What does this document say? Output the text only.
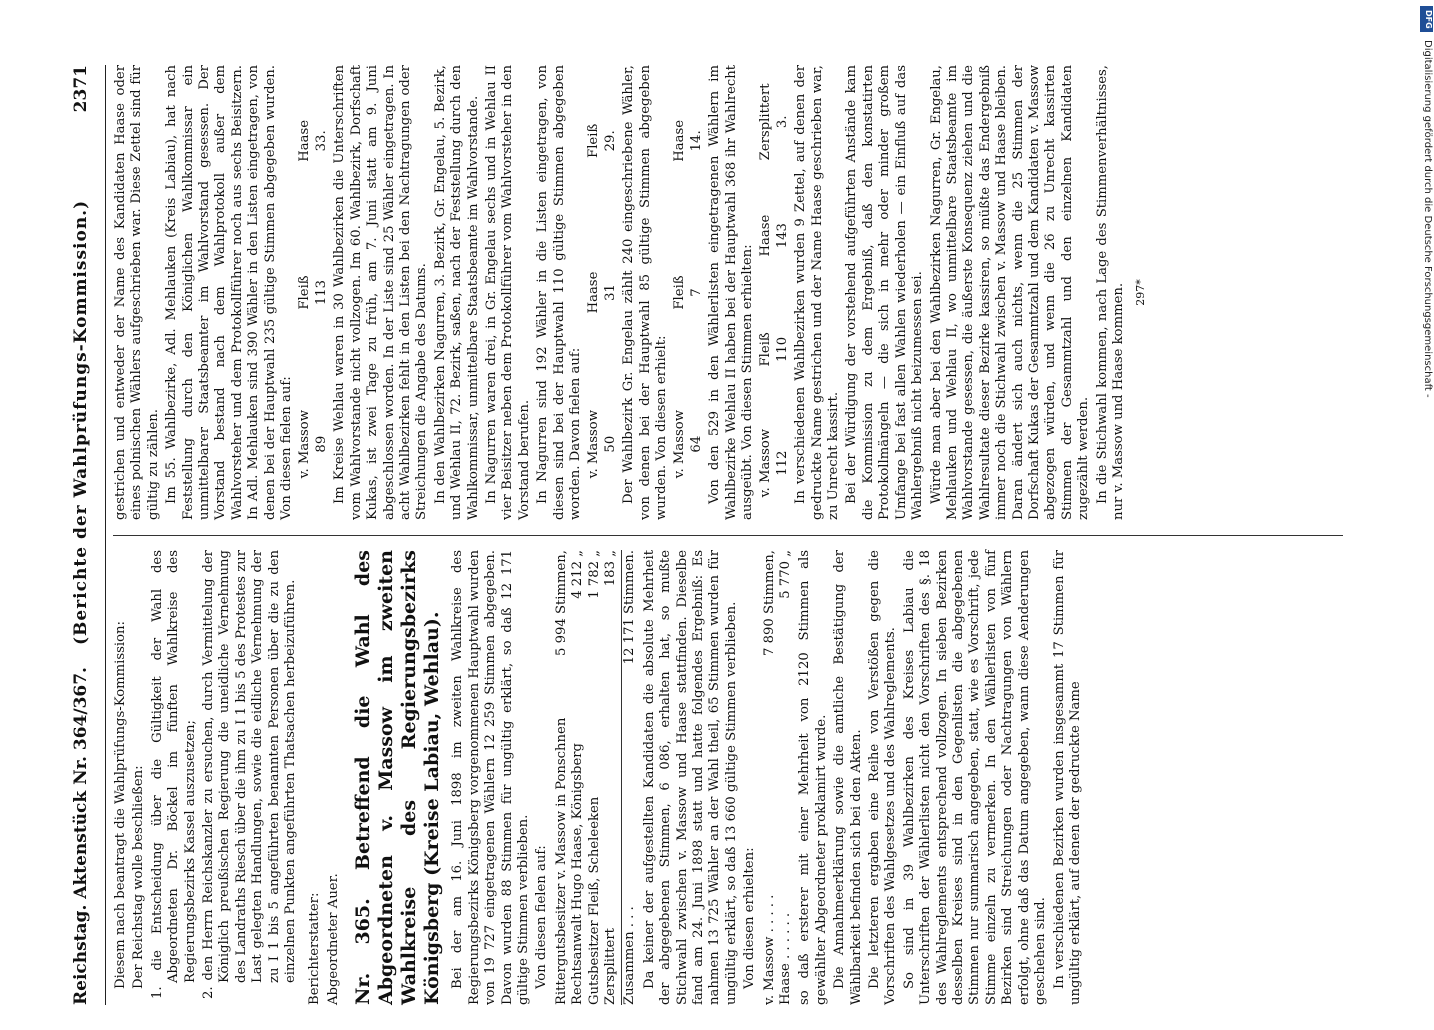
Reichstag. Aktenstück Nr. 364/367.
(Berichte der Wahlprüfungs-Kommission.)
2371

Diesem nach beantragt die Wahlprüfungs-Kommission: Der Reichstag wolle beschließen: 1. die Entscheidung über die Gültigkeit der Wahl des Abgeordneten Dr. Böckel im fünften Wahlkreise des Regierungsbezirks Kassel auszusetzen; 2. den Herrn Reichskanzler zu ersuchen, durch Vermittelung der Königlich preußischen Regierung die uneidliche Vernehmung des Landraths Riesch über die ihm zu I 1 bis 5 des Protestes zur Last gelegten Handlungen, sowie die eidliche Vernehmung der zu I 1 bis 5 angeführten benannten Personen über die zu den einzelnen Punkten angeführten Thatsachen herbeizuführen. Berichterstatter: Abgeordneter Auer. Nr. 365. Betreffend die Wahl des Abgeordneten v. Massow im zweiten Wahlkreise des Regierungsbezirks Königsberg (Kreise Labiau, Wehlau). Bei der am 16. Juni 1898 im zweiten Wahlkreise des Regierungsbezirks Königsberg vorgenommenen Hauptwahl wurden von 19 727 eingetragenen Wählern 12 259 Stimmen abgegeben. Davon wurden 88 Stimmen für ungültig erklärt, so daß 12 171 gültige Stimmen verblieben. Von diesen fielen auf: Rittergutsbesitzer v. Massow in Ponschnen
5 994 Stimmen,
Rechtsanwalt Hugo Haase, Königsberg
4 212 „
Gutsbesitzer Fleiß, Scheleeken
1 782 „
Zersplittert
183 „
Zusammen . . .
12 171 Stimmen. Da keiner der aufgestellten Kandidaten die absolute Mehrheit der abgegebenen Stimmen, 6 086, erhalten hat, so mußte Stichwahl zwischen v. Massow und Haase stattfinden. Dieselbe fand am 24. Juni 1898 statt und hatte folgendes Ergebniß: Es nahmen 13 725 Wähler an der Wahl theil, 65 Stimmen wurden für ungültig erklärt, so daß 13 660 gültige Stimmen verblieben. Von diesen erhielten: v. Massow . . . . .
7 890 Stimmen,
Haase . . . . . .
5 770 „ so daß ersterer mit einer Mehrheit von 2120 Stimmen als gewählter Abgeordneter proklamirt wurde. Die Annahmeerklärung sowie die amtliche Bestätigung der Wählbarkeit befinden sich bei den Akten. Die letzteren ergaben eine Reihe von Verstößen gegen die Vorschriften des Wahlgesetzes und des Wahlreglements. So sind in 39 Wahlbezirken des Kreises Labiau die Unterschriften der Wählerlisten nicht den Vorschriften des §. 18 des Wahlreglements entsprechend vollzogen. In sieben Bezirken desselben Kreises sind in den Gegenlisten die abgegebenen Stimmen nur summarisch angegeben, statt, wie es Vorschrift, jede Stimme einzeln zu vermerken. In den Wählerlisten von fünf Bezirken sind Streichungen oder Nachtragungen von Wählern erfolgt, ohne daß das Datum angegeben, wann diese Aenderungen geschehen sind. In verschiedenen Bezirken wurden insgesammt 17 Stimmen für ungültig erklärt, auf denen der gedruckte Name

gestrichen und entweder der Name des Kandidaten Haase oder eines polnischen Wählers aufgeschrieben war. Diese Zettel sind für gültig zu zählen. Im 55. Wahlbezirke, Adl. Mehlauken (Kreis Labiau), hat nach Feststellung durch den Königlichen Wahlkommissar ein unmittelbarer Staatsbeamter im Wahlvorstand gesessen. Der Vorstand bestand nach dem Wahlprotokoll außer dem Wahlvorsteher und dem Protokollführer noch aus sechs Beisitzern. In Adl. Mehlauken sind 390 Wähler in den Listen eingetragen, von denen bei der Hauptwahl 235 gültige Stimmen abgegeben wurden. Von diesen fielen auf: v. Massow
Fleiß
Haase
89
113
33. Im Kreise Wehlau waren in 30 Wahlbezirken die Unterschriften vom Wahlvorstande nicht vollzogen. Im 60. Wahlbezirk, Dorfschaft Kukas, ist zwei Tage zu früh, am 7. Juni statt am 9. Juni abgeschlossen worden. In der Liste sind 25 Wähler eingetragen. In acht Wahlbezirken fehlt in den Listen bei den Nachtragungen oder Streichungen die Angabe des Datums. In den Wahlbezirken Nagurren, 3. Bezirk, Gr. Engelau, 5. Bezirk, und Wehlau II, 72. Bezirk, saßen, nach der Feststellung durch den Wahlkommissar, unmittelbare Staatsbeamte im Wahlvorstande. In Nagurren waren drei, in Gr. Engelau sechs und in Wehlau II vier Beisitzer neben dem Protokollführer vom Wahlvorsteher in den Vorstand berufen. In Nagurren sind 192 Wähler in die Listen eingetragen, von diesen sind bei der Hauptwahl 110 gültige Stimmen abgegeben worden. Davon fielen auf: v. Massow
Haase
Fleiß
50
31
29. Der Wahlbezirk Gr. Engelau zählt 240 eingeschriebene Wähler, von denen bei der Hauptwahl 85 gültige Stimmen abgegeben wurden. Von diesen erhielt: v. Massow
Fleiß
Haase
64
7
14. Von den 529 in den Wählerlisten eingetragenen Wählern im Wahlbezirke Wehlau II haben bei der Hauptwahl 368 ihr Wahlrecht ausgeübt. Von diesen Stimmen erhielten: v. Massow
Fleiß
Haase
Zersplittert
112
110
143
3. In verschiedenen Wahlbezirken wurden 9 Zettel, auf denen der gedruckte Name gestrichen und der Name Haase geschrieben war, zu Unrecht kassirt. Bei der Würdigung der vorstehend aufgeführten Anstände kam die Kommission zu dem Ergebniß, daß den konstatirten Protokollmängeln — die sich in mehr oder minder großem Umfange bei fast allen Wahlen wiederholen — ein Einfluß auf das Wahlergebniß nicht beizumessen sei. Würde man aber bei den Wahlbezirken Nagurren, Gr. Engelau, Mehlauken und Wehlau II, wo unmittelbare Staatsbeamte im Wahlvorstande gesessen, die äußerste Konsequenz ziehen und die Wahlresultate dieser Bezirke kassiren, so müßte das Endergebniß immer noch die Stichwahl zwischen v. Massow und Haase bleiben. Daran ändert sich auch nichts, wenn die 25 Stimmen der Dorfschaft Kukas der Gesammtzahl und dem Kandidaten v. Massow abgezogen würden, und wenn die 26 zu Unrecht kassirten Stimmen der Gesammtzahl und den einzelnen Kandidaten zugezählt werden. In die Stichwahl kommen, nach Lage des Stimmenverhältnisses, nur v. Massow und Haase kommen. 297*

DFG
Digitalisierung gefördert durch die Deutsche Forschungsgemeinschaft -
